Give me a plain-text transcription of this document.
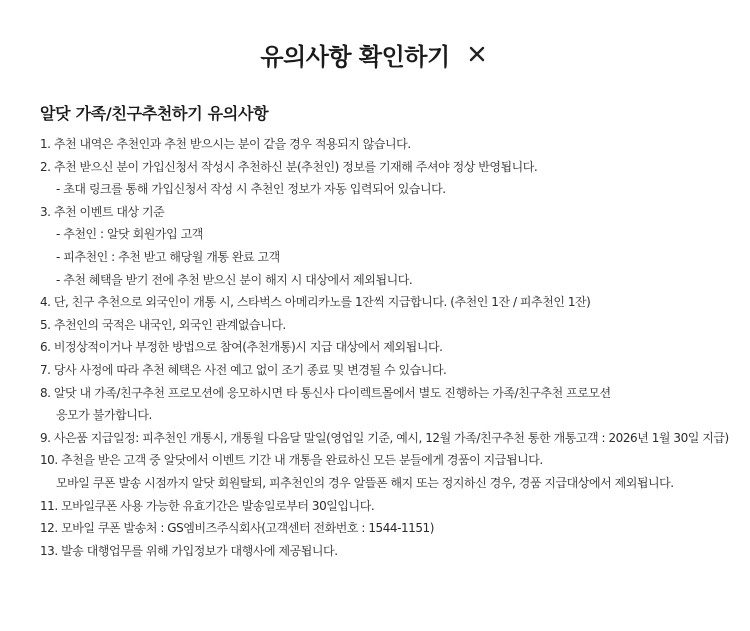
유의사항 확인하기
알닷 가족/친구추천하기 유의사항
1. 추천 내역은 추천인과 추천 받으시는 분이 같을 경우 적용되지 않습니다.
2. 추천 받으신 분이 가입신청서 작성시 추천하신 분(추천인) 정보를 기재해 주셔야 정상 반영됩니다.
- 초대 링크를 통해 가입신청서 작성 시 추천인 정보가 자동 입력되어 있습니다.
3. 추천 이벤트 대상 기준
- 추천인 : 알닷 회원가입 고객
- 피추천인 : 추천 받고 해당월 개통 완료 고객
- 추천 혜택을 받기 전에 추천 받으신 분이 해지 시 대상에서 제외됩니다.
4. 단, 친구 추천으로 외국인이 개통 시, 스타벅스 아메리카노를 1잔씩 지급합니다. (추천인 1잔 / 피추천인 1잔)
5. 추천인의 국적은 내국인, 외국인 관계없습니다.
6. 비정상적이거나 부정한 방법으로 참여(추천개통)시 지급 대상에서 제외됩니다.
7. 당사 사정에 따라 추천 혜택은 사전 예고 없이 조기 종료 및 변경될 수 있습니다.
8. 알닷 내 가족/친구추천 프로모션에 응모하시면 타 통신사 다이렉트몰에서 별도 진행하는 가족/친구추천 프로모션
응모가 불가합니다.
9. 사은품 지급일정: 피추천인 개통시, 개통월 다음달 말일(영업일 기준, 예시, 12월 가족/친구추천 통한 개통고객 : 2026년 1월 30일 지급)
10. 추천을 받은 고객 중 알닷에서 이벤트 기간 내 개통을 완료하신 모든 분들에게 경품이 지급됩니다.
모바일 쿠폰 발송 시점까지 알닷 회원탈퇴, 피추천인의 경우 알뜰폰 해지 또는 정지하신 경우, 경품 지급대상에서 제외됩니다.
11. 모바일쿠폰 사용 가능한 유효기간은 발송일로부터 30일입니다.
12. 모바일 쿠폰 발송처 : GS엠비즈주식회사(고객센터 전화번호 : 1544-1151)
13. 발송 대행업무를 위해 가입정보가 대행사에 제공됩니다.
